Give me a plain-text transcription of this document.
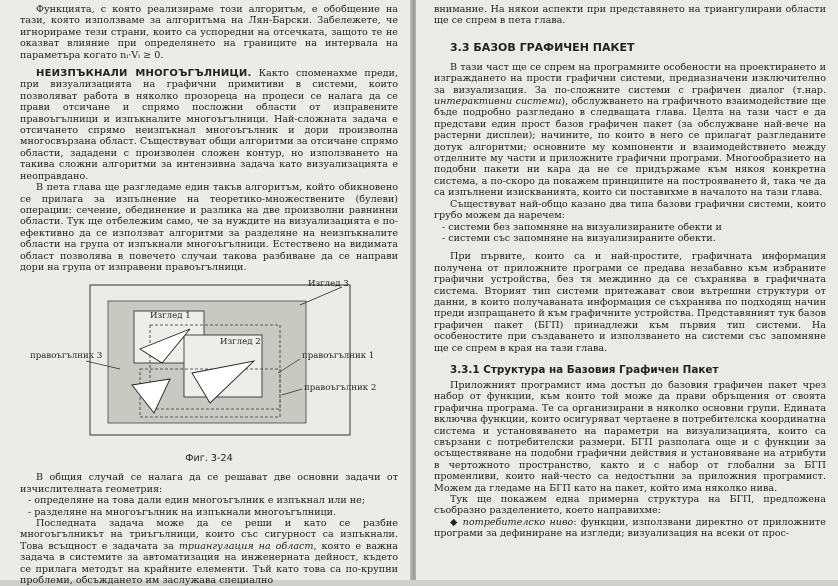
Функцията, с която реализираме този алгоритъм, е обобщение на тази, която използваме за алгоритъма на Лян-Барски. Забележете, че игнорираме тези страни, които са успоредни на отсечката, защото те не оказват влияние при определянето на границите на интервала на параметъра когато nᵢ·Vᵢ ≥ 0.

НЕИЗПЪКНАЛИ МНОГОЪГЪЛНИЦИ. Както споменахме преди, при визуализацията на графични примитиви в системи, които позволяват работа в няколко прозореца на процеси се налага да се прави отсичане и спрямо посложни области от изправените правоъгълници и изпъкналите многоъгълници. Най-сложната задача е отсичането спрямо неизпъкнал многоъгълник и дори произволна многосвързана област. Съществуват общи алгоритми за отсичане спрямо области, зададени с произволен сложен контур, но използването на такива сложни алгоритми за интензивна задача като визуализацията е неоправдано.

В пета глава ще разгледаме един такъв алгоритъм, който обикновено се прилага за изпълнение на теоретико-множествените (булеви) операции: сечение, обединение и разлика на две произволни равнинни области. Тук ще отбележим само, че за нуждите на визуализацията е по-ефективно да се използват алгоритми за разделяне на неизпъкналите области на група от изпъкнали многоъгълници. Естествено на видимата област позволява в повечето случаи такова разбиване да се направи дори на група от изправени правоъгълници.

Изглед 3
Изглед 1
Изглед 2
правоъгълник 1
правоъгълник 2
правоъгълник 3
Фиг. 3-24

В общия случай се налага да се решават две основни задачи от изчислителната геометрия:

- определяне на това дали един многоъгълник е изпъкнал или не;
- разделяне на многоъгълник на изпъкнали многоъгълници.

Последната задача може да се реши и като се разбие многоъгълникът на триъгълници, които със сигурност са изпъкнали. Това всъщност е задачата за триангулация на област, която е важна задача в системите за автоматизация на инженерната дейност, където се прилага методът на крайните елементи. Тъй като това са по-крупни проблеми, обсъждането им заслужава специално

внимание. На някои аспекти при представянето на триангулирани области ще се спрем в пета глава.

3.3 БАЗОВ ГРАФИЧЕН ПАКЕТ

В тази част ще се спрем на програмните особености на проектирането и изграждането на прости графични системи, предназначени изключително за визуализация. За по-сложните системи с графичен диалог (т.нар. интерактивни системи), обслужването на графичното взаимодействие ще бъде подробно разгледано в следващата глава. Целта на тази част е да представи един прост базов графичен пакет (за обслужване най-вече на растерни дисплеи); начините, по които в него се прилагат разгледаните дотук алгоритми; основните му компоненти и взаимодействието между отделните му части и приложните графични програми. Многообразието на подобни пакети ни кара да не се придържаме към някоя конкретна система, а по-скоро да покажем принципите на построяването й, така че да са изпълнени изискванията, които си поставихме в началото на тази глава.

Съществуват най-общо казано два типа базови графични системи, които грубо можем да наречем:

- системи без запомняне на визуализираните обекти и
- системи със запомняне на визуализираните обекти.

При първите, които са и най-простите, графичната информация получена от приложните програми се предава незабавно към избраните графични устройства, без тя междинно да се съхранява в графичната система. Вторият тип системи притежават свои вътрешни структури от данни, в които получаваната информация се съхранява по подходящ начин преди изпращането й към графичните устройства. Представяният тук базов графичен пакет (БГП) принадлежи към първия тип системи. На особеностите при създаването и използването на системи със запомняне ще се спрем в края на тази глава.

3.3.1 Структура на Базовия Графичен Пакет

Приложният програмист има достъп до базовия графичен пакет чрез набор от функции, към които той може да прави обръщения от своята графична програма. Те са организирани в няколко основни групи. Едината включва функции, които осигуряват чертаене в потребителска координатна система и установяването на параметри на визуализацията, които са свързани с потребителски размери. БГП разполага още и с функции за осъществяване на подобни графични действия и установяване на атрибути в чертожното пространство, както и с набор от глобални за БГП променливи, които най-често са недостъпни за приложния програмист. Можем да гледаме на БГП като на пакет, който има няколко нива.

Тук ще покажем една примерна структура на БГП, предложена съобразно разделението, което направихме:

◆ потребителско ниво: функции, използвани директно от приложните програми за дефиниране на изгледи; визуализация на всеки от прос-
